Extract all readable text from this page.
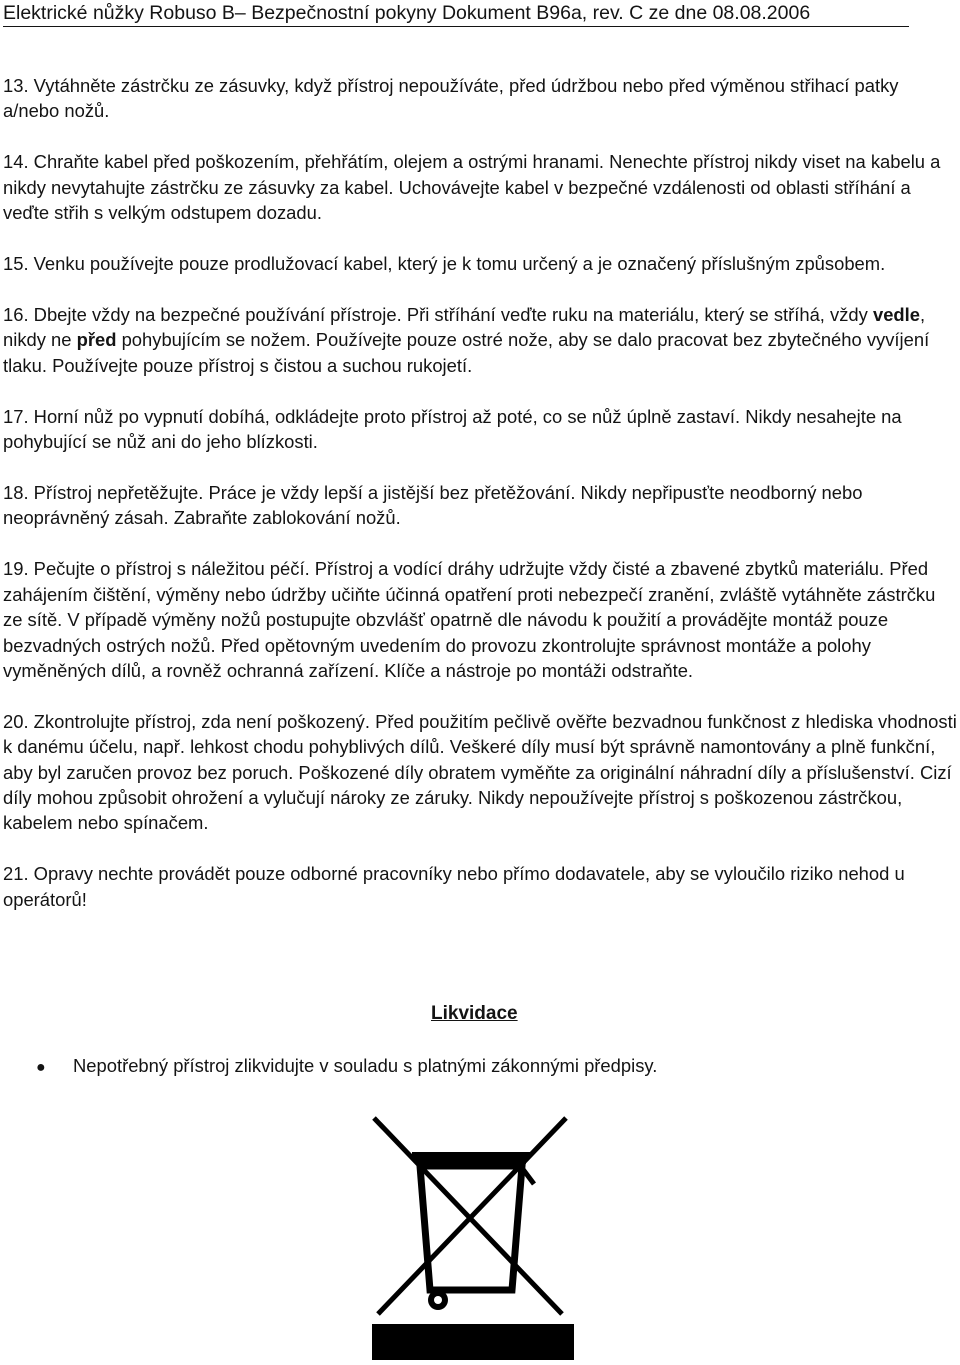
Elektrické nůžky Robuso B– Bezpečnostní pokyny Dokument B96a, rev. C ze dne 08.08.2006

13. Vytáhněte zástrčku ze zásuvky, když přístroj nepoužíváte, před údržbou nebo před výměnou střihací patky a/nebo nožů.

14. Chraňte kabel před poškozením, přehřátím, olejem a ostrými hranami. Nenechte přístroj nikdy viset na kabelu a nikdy nevytahujte zástrčku ze zásuvky za kabel. Uchovávejte kabel v bezpečné vzdálenosti od oblasti stříhání a veďte střih s velkým odstupem dozadu.

15. Venku používejte pouze prodlužovací kabel, který je k tomu určený a je označený příslušným způsobem.

16. Dbejte vždy na bezpečné používání přístroje. Při stříhání veďte ruku na materiálu, který se stříhá, vždy vedle, nikdy ne před pohybujícím se nožem. Používejte pouze ostré nože, aby se dalo pracovat bez zbytečného vyvíjení tlaku. Používejte pouze přístroj s čistou a suchou rukojetí.

17. Horní nůž po vypnutí dobíhá, odkládejte proto přístroj až poté, co se nůž úplně zastaví. Nikdy nesahejte na pohybující se nůž ani do jeho blízkosti.

18. Přístroj nepřetěžujte. Práce je vždy lepší a jistější bez přetěžování. Nikdy nepřipusťte neodborný nebo neoprávněný zásah. Zabraňte zablokování nožů.

19. Pečujte o přístroj s náležitou péčí. Přístroj a vodící dráhy udržujte vždy čisté a zbavené zbytků materiálu. Před zahájením čištění, výměny nebo údržby učiňte účinná opatření proti nebezpečí zranění, zvláště vytáhněte zástrčku ze sítě. V případě výměny nožů postupujte obzvlášť opatrně dle návodu k použití a provádějte montáž pouze bezvadných ostrých nožů. Před opětovným uvedením do provozu zkontrolujte správnost montáže a polohy vyměněných dílů, a rovněž ochranná zařízení. Klíče a nástroje po montáži odstraňte.

20. Zkontrolujte přístroj, zda není poškozený. Před použitím pečlivě ověřte bezvadnou funkčnost z hlediska vhodnosti k danému účelu, např. lehkost chodu pohyblivých dílů. Veškeré díly musí být správně namontovány a plně funkční, aby byl zaručen provoz bez poruch. Poškozené díly obratem vyměňte za originální náhradní díly a příslušenství. Cizí díly mohou způsobit ohrožení a vylučují nároky ze záruky. Nikdy nepoužívejte přístroj s poškozenou zástrčkou, kabelem nebo spínačem.

21. Opravy nechte provádět pouze odborné pracovníky nebo přímo dodavatele, aby se vyloučilo riziko nehod u operátorů!

Likvidace
●	Nepotřebný přístroj zlikvidujte v souladu s platnými zákonnými předpisy.
